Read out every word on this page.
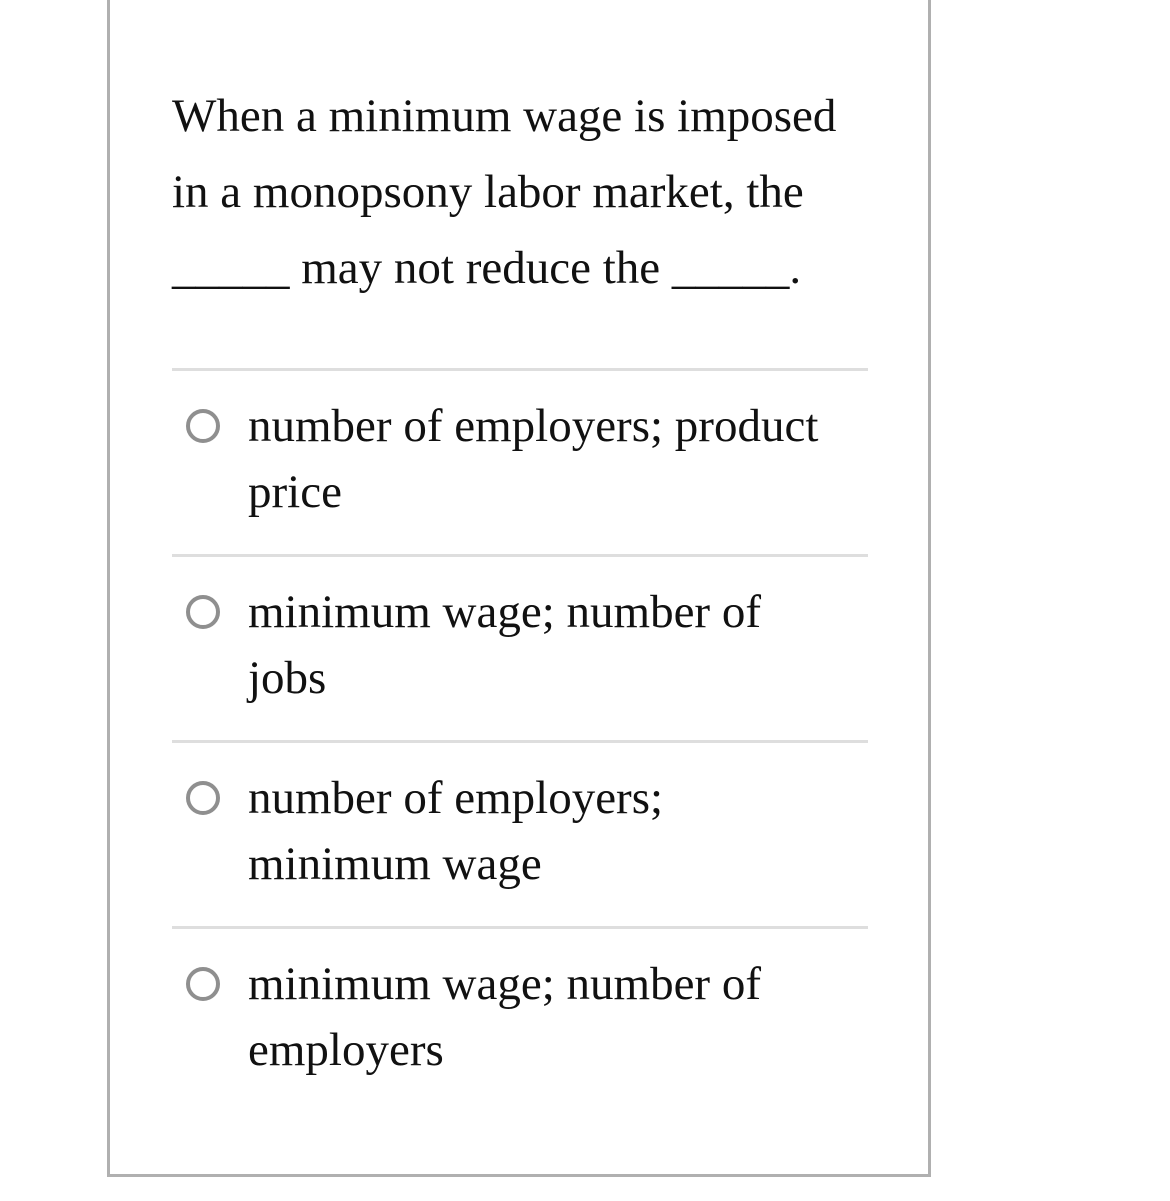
When a minimum wage is imposed
in a monopsony labor market, the
_____ may not reduce the _____.
number of employers; product price
minimum wage; number of jobs
number of employers; minimum wage
minimum wage; number of employers
